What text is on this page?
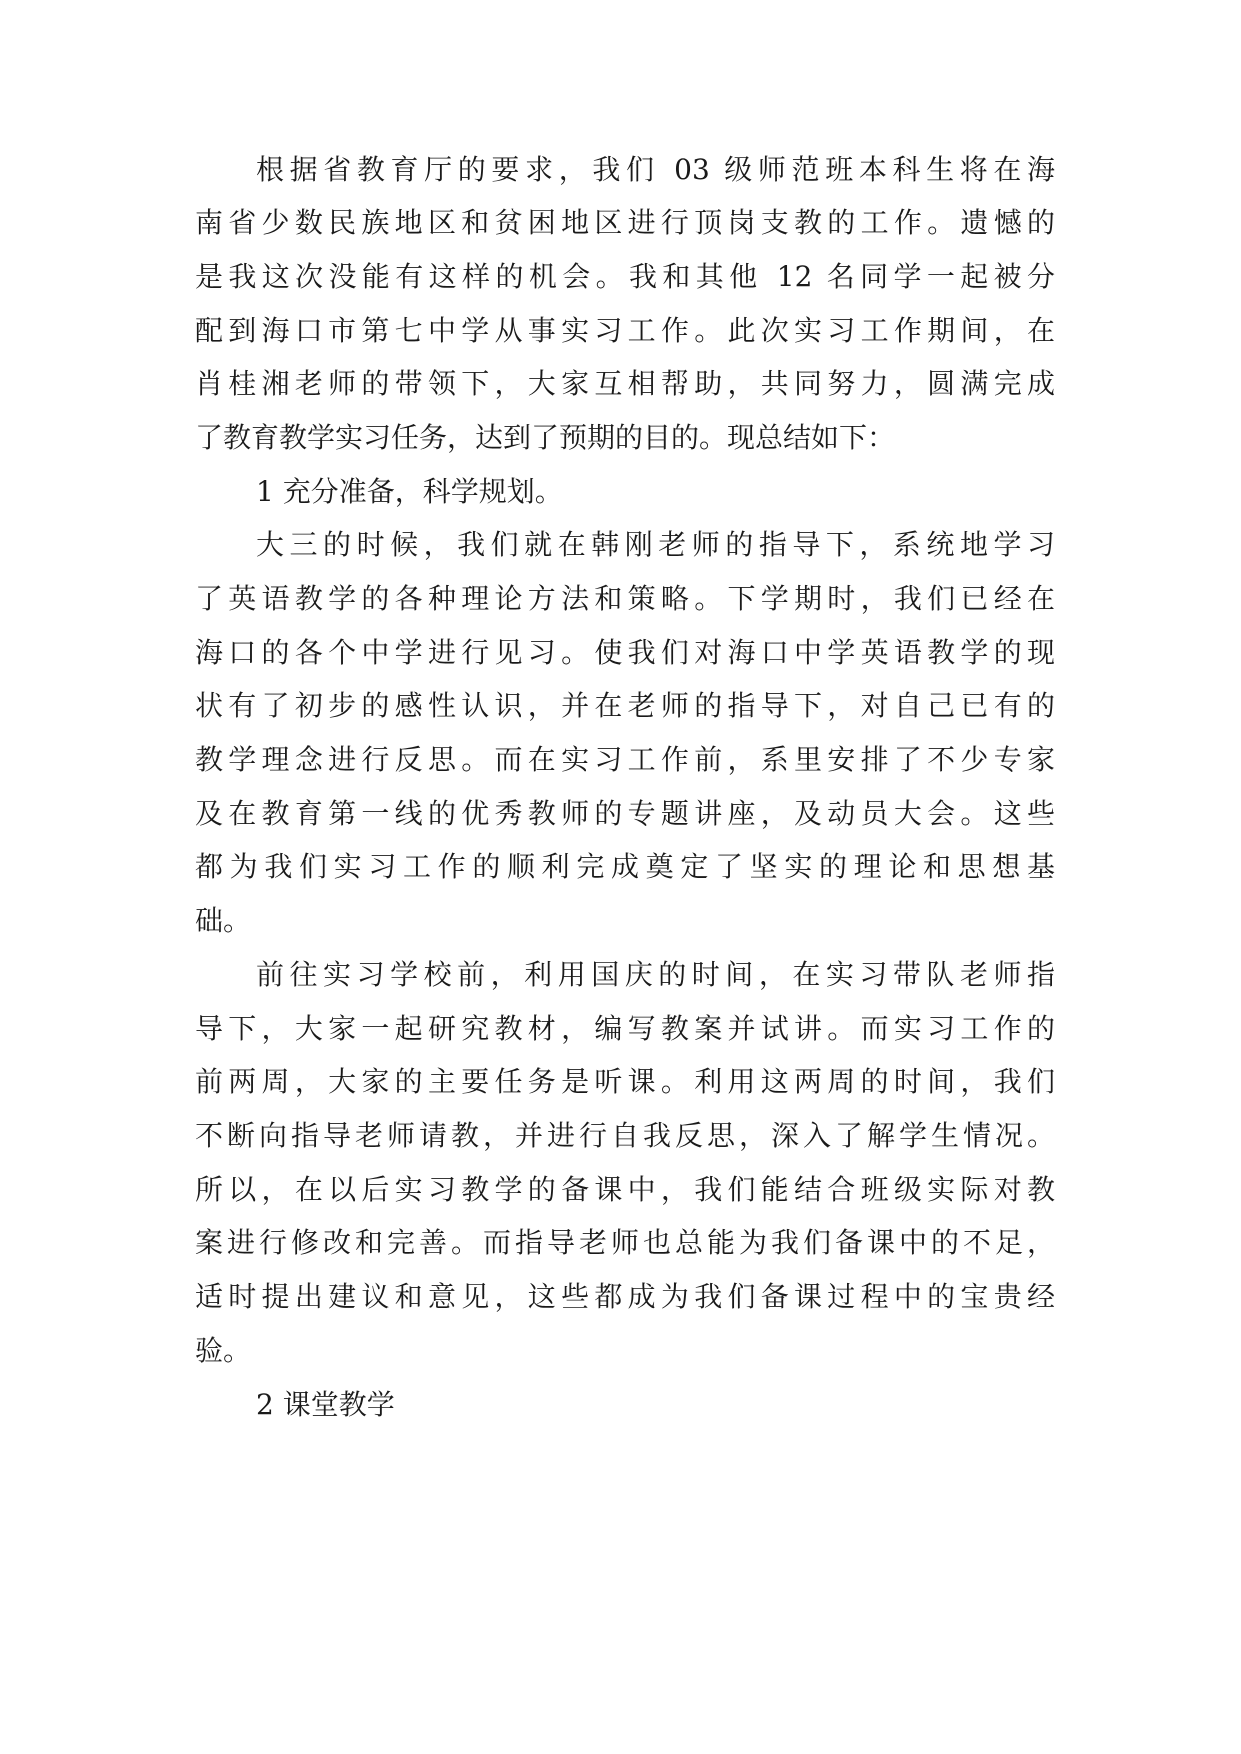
根据省教育厅的要求，我们 03 级师范班本科生将在海
南省少数民族地区和贫困地区进行顶岗支教的工作。遗憾的
是我这次没能有这样的机会。我和其他 12 名同学一起被分
配到海口市第七中学从事实习工作。此次实习工作期间，在
肖桂湘老师的带领下，大家互相帮助，共同努力，圆满完成
了教育教学实习任务，达到了预期的目的。现总结如下：
1 充分准备，科学规划。
大三的时候，我们就在韩刚老师的指导下，系统地学习
了英语教学的各种理论方法和策略。下学期时，我们已经在
海口的各个中学进行见习。使我们对海口中学英语教学的现
状有了初步的感性认识，并在老师的指导下，对自己已有的
教学理念进行反思。而在实习工作前，系里安排了不少专家
及在教育第一线的优秀教师的专题讲座，及动员大会。这些
都为我们实习工作的顺利完成奠定了坚实的理论和思想基
础。
前往实习学校前，利用国庆的时间，在实习带队老师指
导下，大家一起研究教材，编写教案并试讲。而实习工作的
前两周，大家的主要任务是听课。利用这两周的时间，我们
不断向指导老师请教，并进行自我反思，深入了解学生情况。
所以，在以后实习教学的备课中，我们能结合班级实际对教
案进行修改和完善。而指导老师也总能为我们备课中的不足，
适时提出建议和意见，这些都成为我们备课过程中的宝贵经
验。
2 课堂教学
